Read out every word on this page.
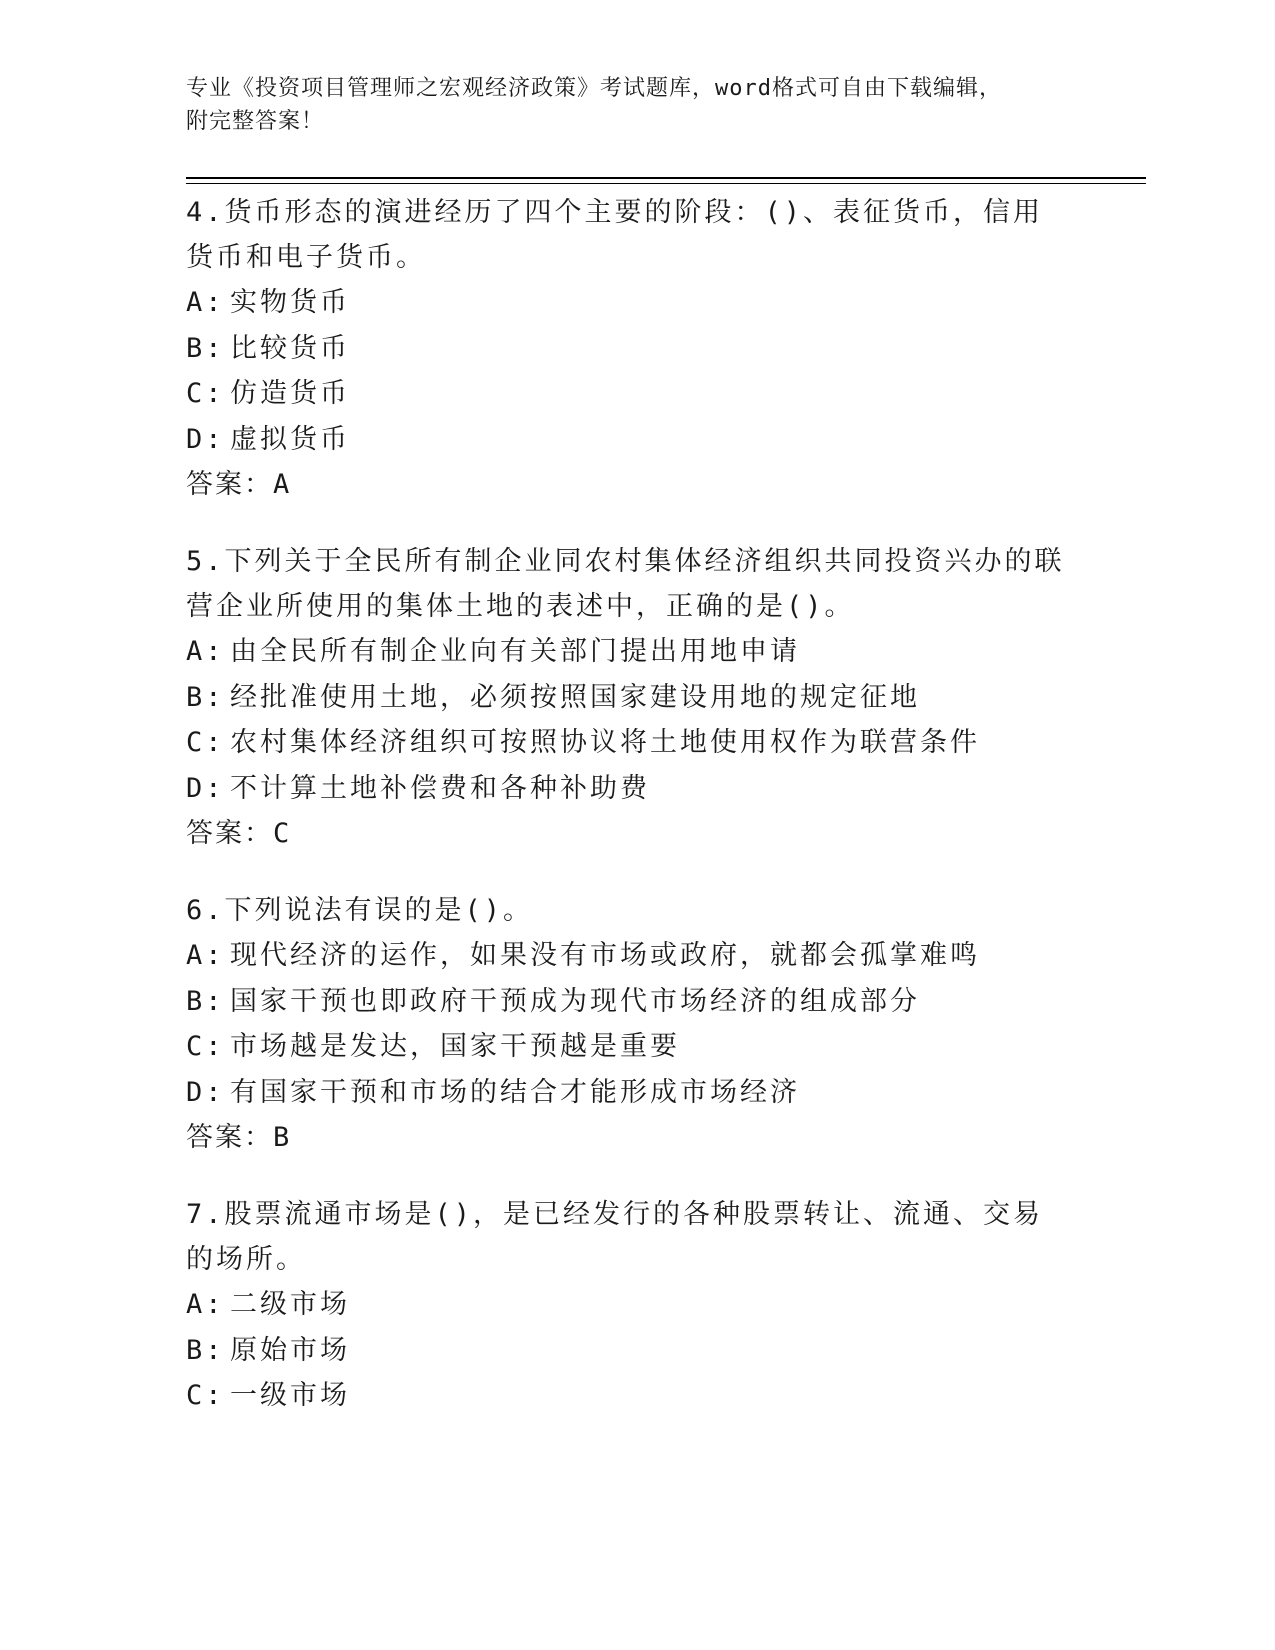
专业《投资项目管理师之宏观经济政策》考试题库，word格式可自由下载编辑，
附完整答案！
4.货币形态的演进经历了四个主要的阶段：()、表征货币，信用货币和电子货币。
A: 实物货币
B: 比较货币
C: 仿造货币
D: 虚拟货币
答案：A
5.下列关于全民所有制企业同农村集体经济组织共同投资兴办的联营企业所使用的集体土地的表述中，正确的是()。
A: 由全民所有制企业向有关部门提出用地申请
B: 经批准使用土地，必须按照国家建设用地的规定征地
C: 农村集体经济组织可按照协议将土地使用权作为联营条件
D: 不计算土地补偿费和各种补助费
答案：C
6.下列说法有误的是()。
A: 现代经济的运作，如果没有市场或政府，就都会孤掌难鸣
B: 国家干预也即政府干预成为现代市场经济的组成部分
C: 市场越是发达，国家干预越是重要
D: 有国家干预和市场的结合才能形成市场经济
答案：B
7.股票流通市场是()，是已经发行的各种股票转让、流通、交易的场所。
A: 二级市场
B: 原始市场
C: 一级市场
